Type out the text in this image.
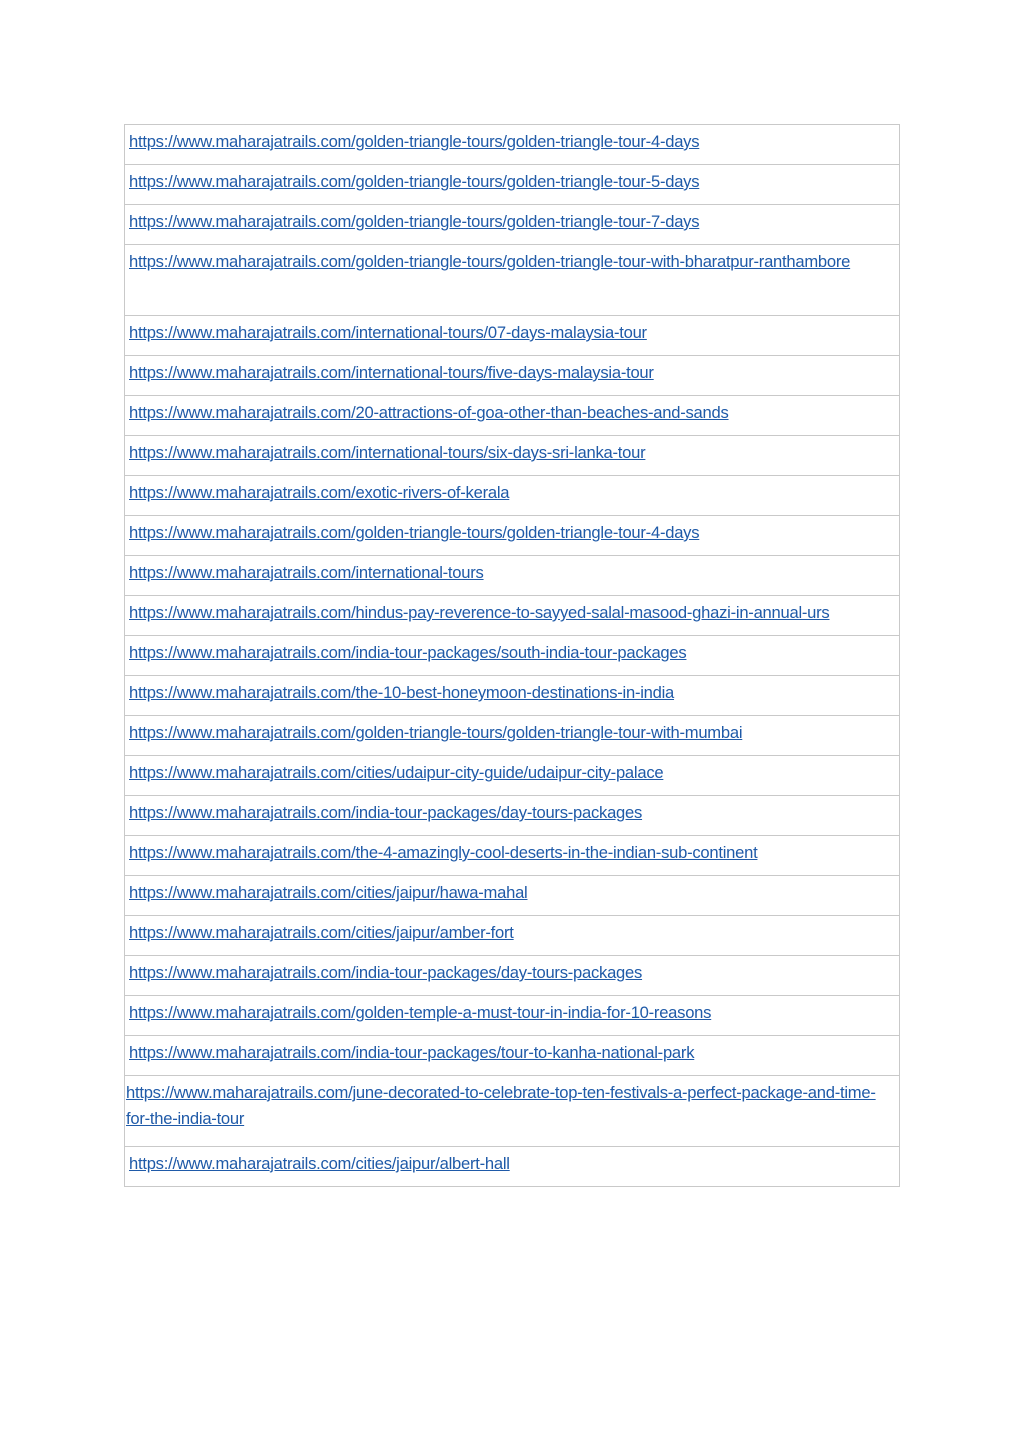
https://www.maharajatrails.com/golden-triangle-tours/golden-triangle-tour-4-days
https://www.maharajatrails.com/golden-triangle-tours/golden-triangle-tour-5-days
https://www.maharajatrails.com/golden-triangle-tours/golden-triangle-tour-7-days
https://www.maharajatrails.com/golden-triangle-tours/golden-triangle-tour-with-bharatpur-ranthambore
https://www.maharajatrails.com/international-tours/07-days-malaysia-tour
https://www.maharajatrails.com/international-tours/five-days-malaysia-tour
https://www.maharajatrails.com/20-attractions-of-goa-other-than-beaches-and-sands
https://www.maharajatrails.com/international-tours/six-days-sri-lanka-tour
https://www.maharajatrails.com/exotic-rivers-of-kerala
https://www.maharajatrails.com/golden-triangle-tours/golden-triangle-tour-4-days
https://www.maharajatrails.com/international-tours
https://www.maharajatrails.com/hindus-pay-reverence-to-sayyed-salal-masood-ghazi-in-annual-urs
https://www.maharajatrails.com/india-tour-packages/south-india-tour-packages
https://www.maharajatrails.com/the-10-best-honeymoon-destinations-in-india
https://www.maharajatrails.com/golden-triangle-tours/golden-triangle-tour-with-mumbai
https://www.maharajatrails.com/cities/udaipur-city-guide/udaipur-city-palace
https://www.maharajatrails.com/india-tour-packages/day-tours-packages
https://www.maharajatrails.com/the-4-amazingly-cool-deserts-in-the-indian-sub-continent
https://www.maharajatrails.com/cities/jaipur/hawa-mahal
https://www.maharajatrails.com/cities/jaipur/amber-fort
https://www.maharajatrails.com/india-tour-packages/day-tours-packages
https://www.maharajatrails.com/golden-temple-a-must-tour-in-india-for-10-reasons
https://www.maharajatrails.com/india-tour-packages/tour-to-kanha-national-park
https://www.maharajatrails.com/june-decorated-to-celebrate-top-ten-festivals-a-perfect-package-and-time-for-the-india-tour
https://www.maharajatrails.com/cities/jaipur/albert-hall
